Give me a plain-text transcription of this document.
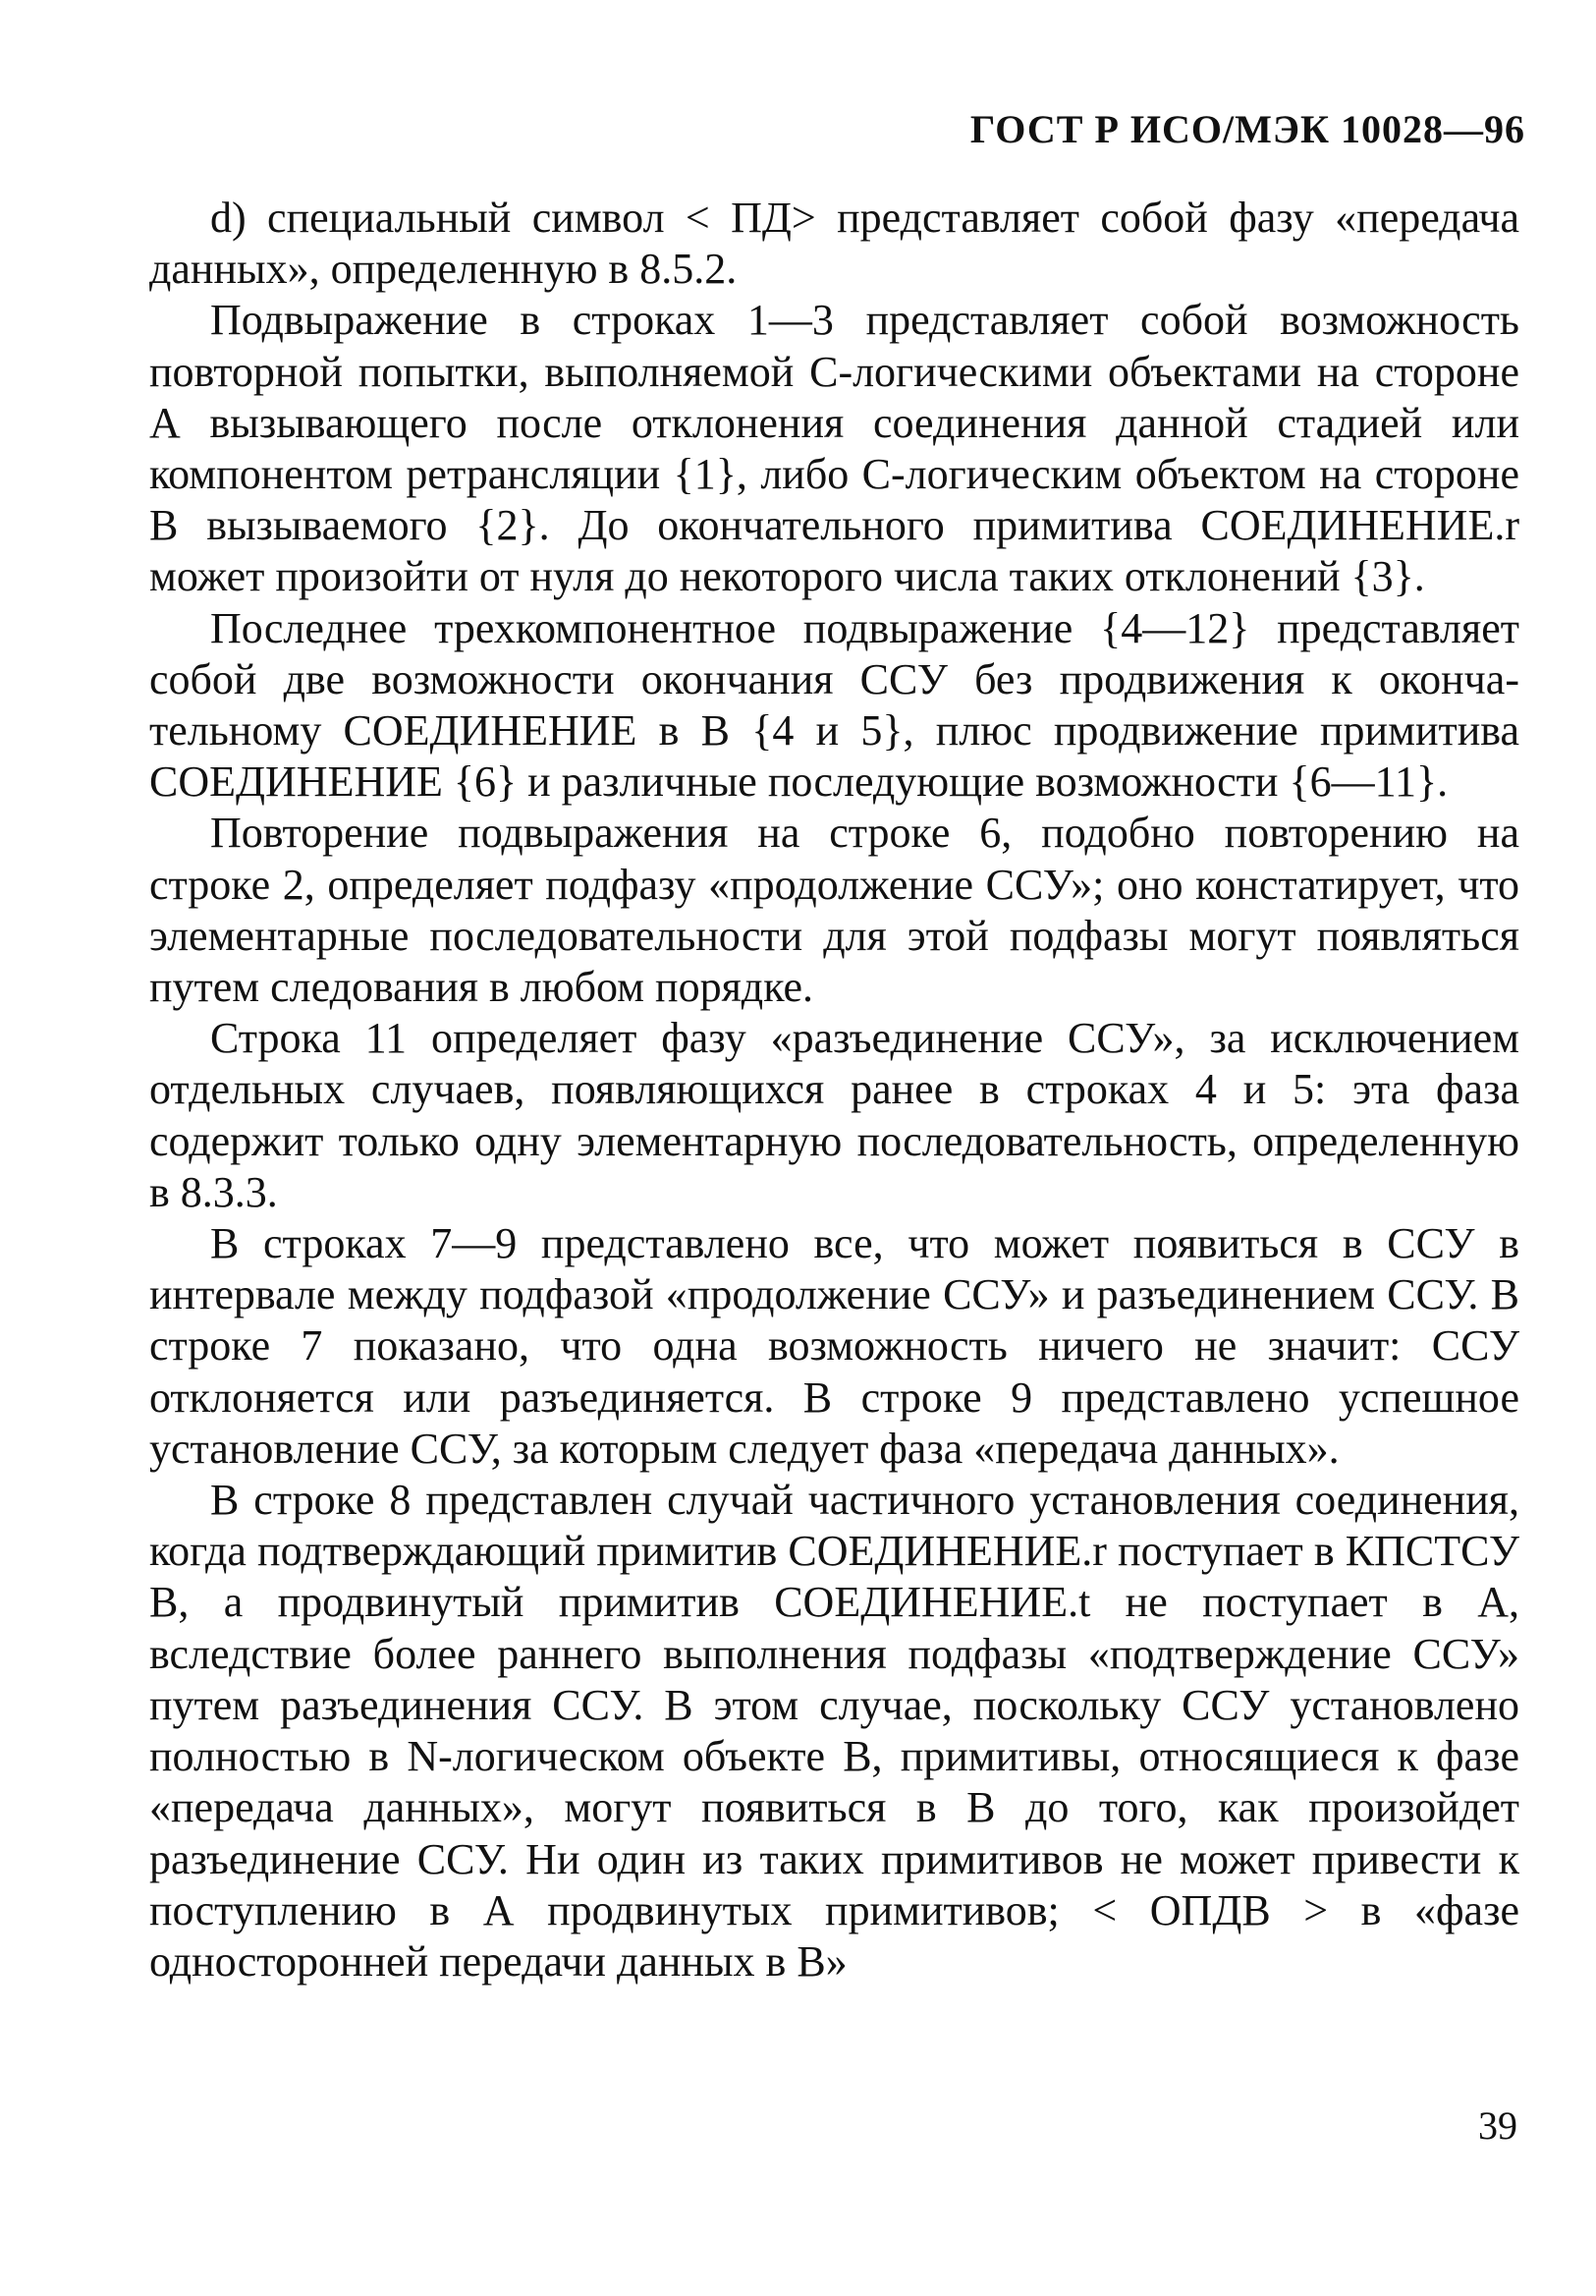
ГОСТ Р ИСО/МЭК 10028—96

d) специальный символ < ПД> представляет собой фазу «передача данных», определенную в 8.5.2.

Подвыражение в строках 1—3 представляет собой возможность повторной попытки, выполняемой С-логическими объектами на стороне А вызывающего после отклонения соединения данной стадией или компонентом ретрансляции {1}, либо С-логическим объектом на стороне В вызываемого {2}. До окончательного примитива СОЕДИНЕНИЕ.r может произойти от нуля до некоторого числа таких отклонений {3}.

Последнее трехкомпонентное подвыражение {4—12} представляет собой две возможности окончания ССУ без продвижения к окончательному СОЕДИНЕНИЕ в В {4 и 5}, плюс продвижение примитива СОЕДИНЕНИЕ {6} и различные последующие возможности {6—11}.

Повторение подвыражения на строке 6, подобно повторению на строке 2, определяет подфазу «продолжение ССУ»; оно констатирует, что элементарные последовательности для этой подфазы могут появляться путем следования в любом порядке.

Строка 11 определяет фазу «разъединение ССУ», за исключением отдельных случаев, появляющихся ранее в строках 4 и 5: эта фаза содержит только одну элементарную последовательность, определенную в 8.3.3.

В строках 7—9 представлено все, что может появиться в ССУ в интервале между подфазой «продолжение ССУ» и разъединением ССУ. В строке 7 показано, что одна возможность ничего не значит: ССУ отклоняется или разъединяется. В строке 9 представлено успешное установление ССУ, за которым следует фаза «передача данных».

В строке 8 представлен случай частичного установления соединения, когда подтверждающий примитив СОЕДИНЕНИЕ.r поступает в КПСТСУ В, а продвинутый примитив СОЕДИНЕНИЕ.t не поступает в А, вследствие более раннего выполнения подфазы «подтверждение ССУ» путем разъединения ССУ. В этом случае, поскольку ССУ установлено полностью в N-логическом объекте В, примитивы, относящиеся к фазе «передача данных», могут появиться в В до того, как произойдет разъединение ССУ. Ни один из таких примитивов не может привести к поступлению в А продвинутых примитивов; < ОПДВ > в «фазе односторонней передачи данных в В»

39
